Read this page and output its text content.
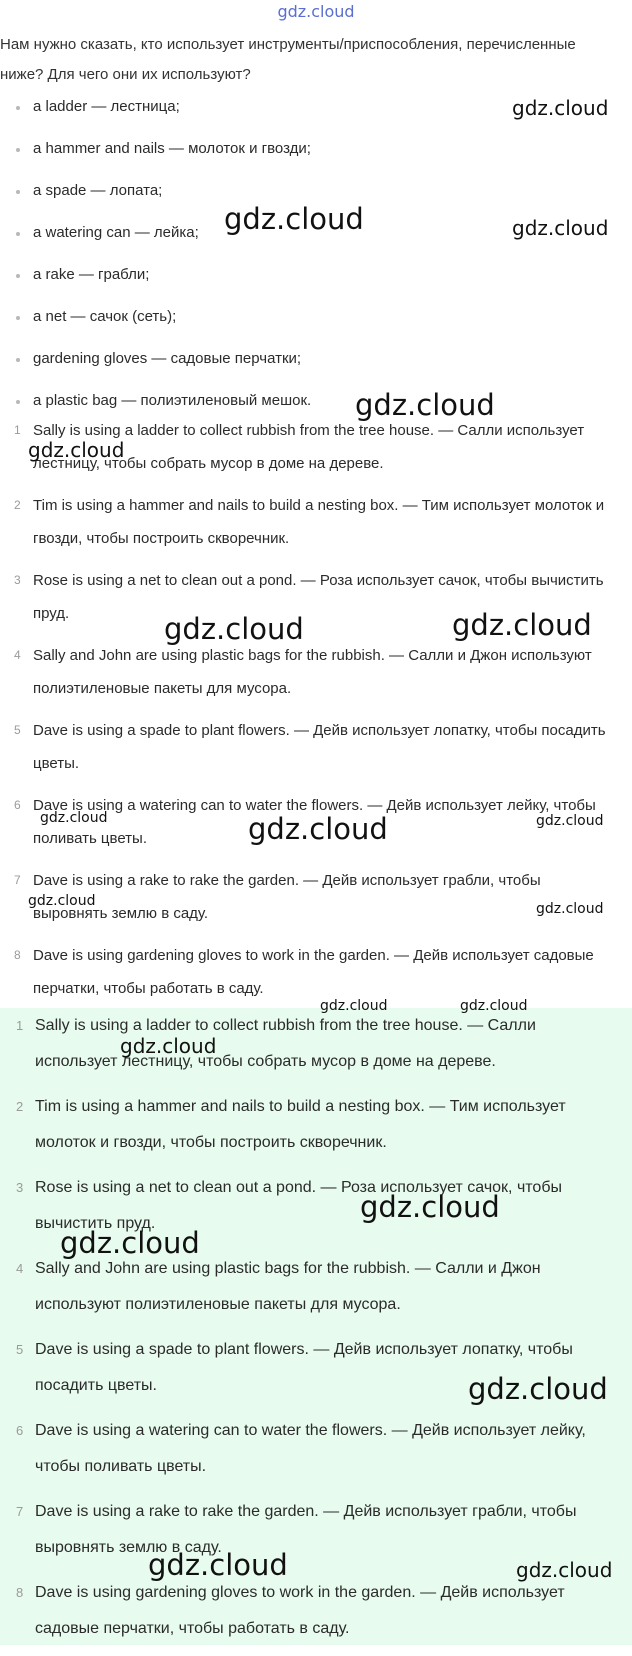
gdz.cloud
Нам нужно сказать, кто использует инструменты/приспособления, перечисленные ниже? Для чего они их используют?
a ladder — лестница;
a hammer and nails — молоток и гвозди;
a spade — лопата;
a watering can — лейка;
a rake — грабли;
a net — сачок (сеть);
gardening gloves — садовые перчатки;
a plastic bag — полиэтиленовый мешок.
1 Sally is using a ladder to collect rubbish from the tree house. — Салли использует лестницу, чтобы собрать мусор в доме на дереве.
2 Tim is using a hammer and nails to build a nesting box. — Тим использует молоток и гвозди, чтобы построить скворечник.
3 Rose is using a net to clean out a pond. — Роза использует сачок, чтобы вычистить пруд.
4 Sally and John are using plastic bags for the rubbish. — Салли и Джон используют полиэтиленовые пакеты для мусора.
5 Dave is using a spade to plant flowers. — Дейв использует лопатку, чтобы посадить цветы.
6 Dave is using a watering can to water the flowers. — Дейв использует лейку, чтобы поливать цветы.
7 Dave is using a rake to rake the garden. — Дейв использует грабли, чтобы выровнять землю в саду.
8 Dave is using gardening gloves to work in the garden. — Дейв использует садовые перчатки, чтобы работать в саду.
1 Sally is using a ladder to collect rubbish from the tree house. — Салли использует лестницу, чтобы собрать мусор в доме на дереве.
2 Tim is using a hammer and nails to build a nesting box. — Тим использует молоток и гвозди, чтобы построить скворечник.
3 Rose is using a net to clean out a pond. — Роза использует сачок, чтобы вычистить пруд.
4 Sally and John are using plastic bags for the rubbish. — Салли и Джон используют полиэтиленовые пакеты для мусора.
5 Dave is using a spade to plant flowers. — Дейв использует лопатку, чтобы посадить цветы.
6 Dave is using a watering can to water the flowers. — Дейв использует лейку, чтобы поливать цветы.
7 Dave is using a rake to rake the garden. — Дейв использует грабли, чтобы выровнять землю в саду.
8 Dave is using gardening gloves to work in the garden. — Дейв использует садовые перчатки, чтобы работать в саду.
gdz.cloud
gdz.cloud	gdz.cloud
gdz.cloud
gdz.cloud
gdz.cloud	gdz.cloud
gdz.cloud	gdz.cloud	gdz.cloud
gdz.cloud	gdz.cloud
gdz.cloud	gdz.cloud
gdz.cloud
gdz.cloud
gdz.cloud
gdz.cloud
gdz.cloud	gdz.cloud
